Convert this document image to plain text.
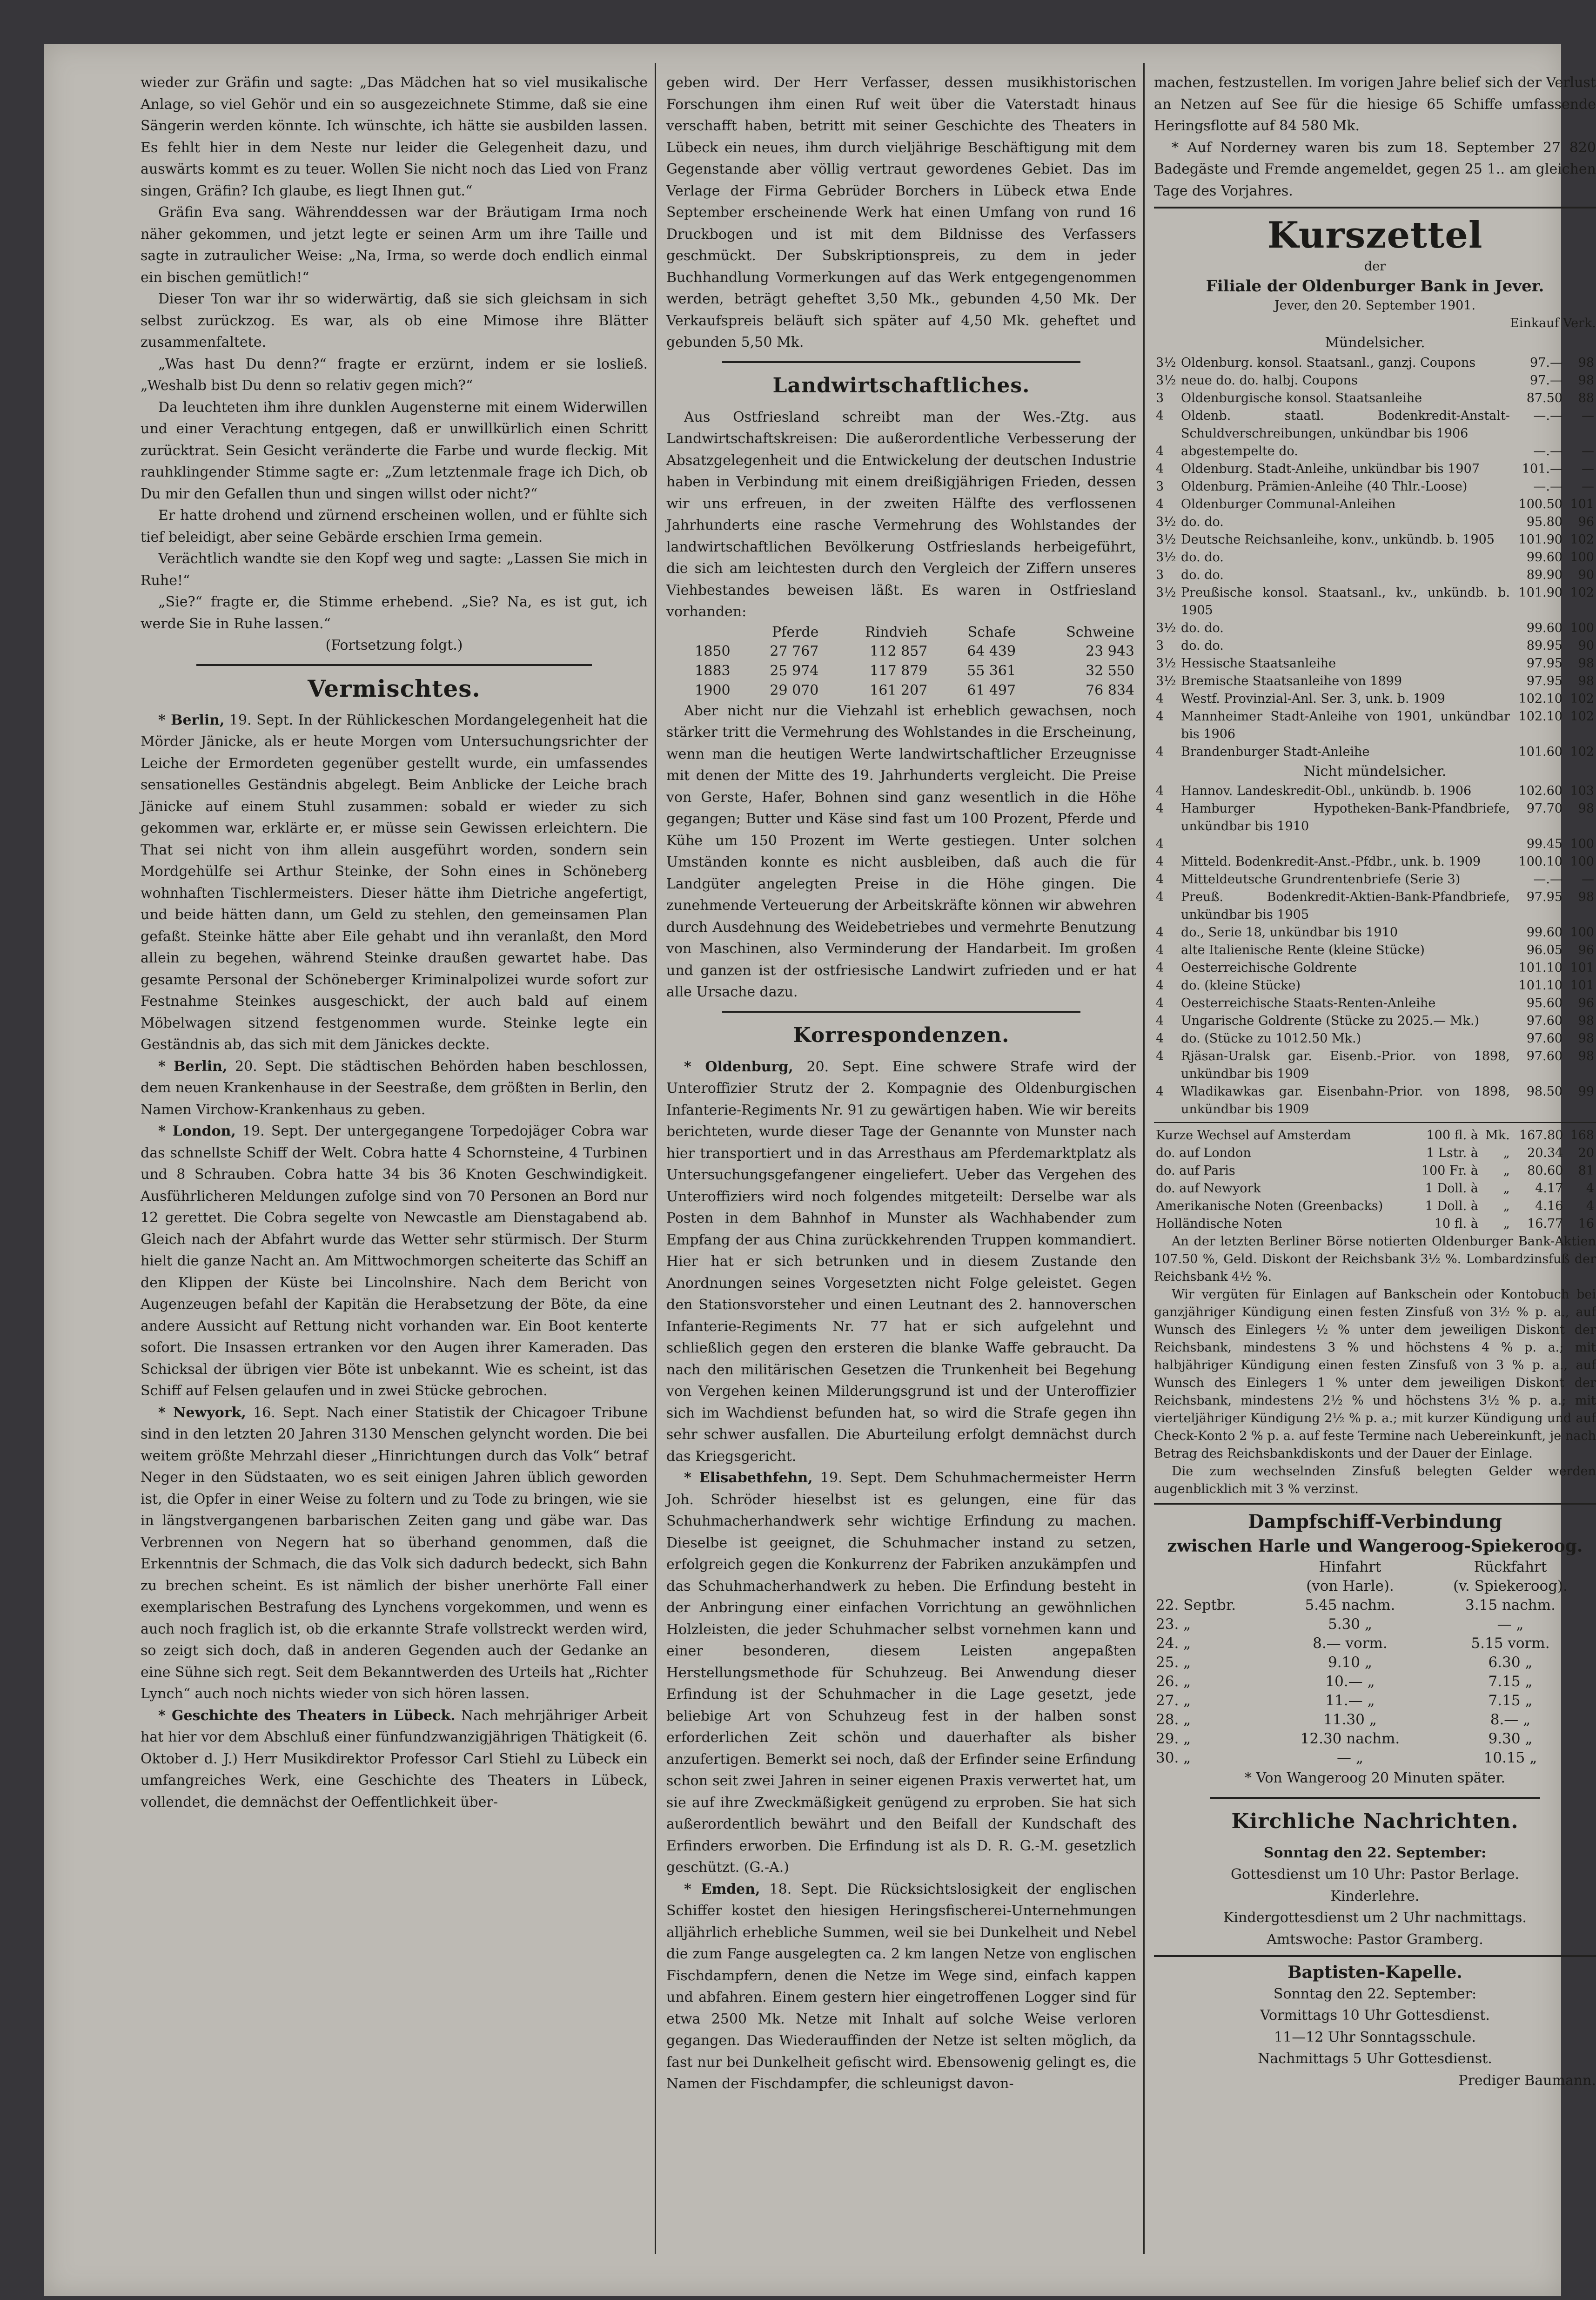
wieder zur Gräfin und sagte: „Das Mädchen hat so viel musikalische Anlage, so viel Gehör und ein so ausgezeichnete Stimme, daß sie eine Sängerin werden könnte. Ich wünschte, ich hätte sie ausbilden lassen. Es fehlt hier in dem Neste nur leider die Gelegenheit dazu, und auswärts kommt es zu teuer. Wollen Sie nicht noch das Lied von Franz singen, Gräfin? Ich glaube, es liegt Ihnen gut.“

Gräfin Eva sang. Währenddessen war der Bräutigam Irma noch näher gekommen, und jetzt legte er seinen Arm um ihre Taille und sagte in zutraulicher Weise: „Na, Irma, so werde doch endlich einmal ein bischen gemütlich!“

Dieser Ton war ihr so widerwärtig, daß sie sich gleichsam in sich selbst zurückzog. Es war, als ob eine Mimose ihre Blätter zusammenfaltete.

„Was hast Du denn?“ fragte er erzürnt, indem er sie losließ. „Weshalb bist Du denn so relativ gegen mich?“

Da leuchteten ihm ihre dunklen Augensterne mit einem Widerwillen und einer Verachtung entgegen, daß er unwillkürlich einen Schritt zurücktrat. Sein Gesicht veränderte die Farbe und wurde fleckig. Mit rauhklingender Stimme sagte er: „Zum letztenmale frage ich Dich, ob Du mir den Gefallen thun und singen willst oder nicht?“

Er hatte drohend und zürnend erscheinen wollen, und er fühlte sich tief beleidigt, aber seine Gebärde erschien Irma gemein.

Verächtlich wandte sie den Kopf weg und sagte: „Lassen Sie mich in Ruhe!“

„Sie?“ fragte er, die Stimme erhebend. „Sie? Na, es ist gut, ich werde Sie in Ruhe lassen.“

(Fortsetzung folgt.)

Vermischtes.

* Berlin, 19. Sept. In der Rühlickeschen Mordangelegenheit hat die Mörder Jänicke, als er heute Morgen vom Untersuchungsrichter der Leiche der Ermordeten gegenüber gestellt wurde, ein umfassendes sensationelles Geständnis abgelegt. Beim Anblicke der Leiche brach Jänicke auf einem Stuhl zusammen: sobald er wieder zu sich gekommen war, erklärte er, er müsse sein Gewissen erleichtern. Die That sei nicht von ihm allein ausgeführt worden, sondern sein Mordgehülfe sei Arthur Steinke, der Sohn eines in Schöneberg wohnhaften Tischlermeisters. Dieser hätte ihm Dietriche angefertigt, und beide hätten dann, um Geld zu stehlen, den gemeinsamen Plan gefaßt. Steinke hätte aber Eile gehabt und ihn veranlaßt, den Mord allein zu begehen, während Steinke draußen gewartet habe. Das gesamte Personal der Schöneberger Kriminalpolizei wurde sofort zur Festnahme Steinkes ausgeschickt, der auch bald auf einem Möbelwagen sitzend festgenommen wurde. Steinke legte ein Geständnis ab, das sich mit dem Jänickes deckte.

* Berlin, 20. Sept. Die städtischen Behörden haben beschlossen, dem neuen Krankenhause in der Seestraße, dem größten in Berlin, den Namen Virchow-Krankenhaus zu geben.

* London, 19. Sept. Der untergegangene Torpedojäger Cobra war das schnellste Schiff der Welt. Cobra hatte 4 Schornsteine, 4 Turbinen und 8 Schrauben. Cobra hatte 34 bis 36 Knoten Geschwindigkeit. Ausführlicheren Meldungen zufolge sind von 70 Personen an Bord nur 12 gerettet. Die Cobra segelte von Newcastle am Dienstagabend ab. Gleich nach der Abfahrt wurde das Wetter sehr stürmisch. Der Sturm hielt die ganze Nacht an. Am Mittwochmorgen scheiterte das Schiff an den Klippen der Küste bei Lincolnshire. Nach dem Bericht von Augenzeugen befahl der Kapitän die Herabsetzung der Böte, da eine andere Aussicht auf Rettung nicht vorhanden war. Ein Boot kenterte sofort. Die Insassen ertranken vor den Augen ihrer Kameraden. Das Schicksal der übrigen vier Böte ist unbekannt. Wie es scheint, ist das Schiff auf Felsen gelaufen und in zwei Stücke gebrochen.

* Newyork, 16. Sept. Nach einer Statistik der Chicagoer Tribune sind in den letzten 20 Jahren 3130 Menschen gelyncht worden. Die bei weitem größte Mehrzahl dieser „Hinrichtungen durch das Volk“ betraf Neger in den Südstaaten, wo es seit einigen Jahren üblich geworden ist, die Opfer in einer Weise zu foltern und zu Tode zu bringen, wie sie in längstvergangenen barbarischen Zeiten gang und gäbe war. Das Verbrennen von Negern hat so überhand genommen, daß die Erkenntnis der Schmach, die das Volk sich dadurch bedeckt, sich Bahn zu brechen scheint. Es ist nämlich der bisher unerhörte Fall einer exemplarischen Bestrafung des Lynchens vorgekommen, und wenn es auch noch fraglich ist, ob die erkannte Strafe vollstreckt werden wird, so zeigt sich doch, daß in anderen Gegenden auch der Gedanke an eine Sühne sich regt. Seit dem Bekanntwerden des Urteils hat „Richter Lynch“ auch noch nichts wieder von sich hören lassen.

* Geschichte des Theaters in Lübeck. Nach mehrjähriger Arbeit hat hier vor dem Abschluß einer fünfundzwanzigjährigen Thätigkeit (6. Oktober d. J.) Herr Musikdirektor Professor Carl Stiehl zu Lübeck ein umfangreiches Werk, eine Geschichte des Theaters in Lübeck, vollendet, die demnächst der Oeffentlichkeit über-

geben wird. Der Herr Verfasser, dessen musikhistorischen Forschungen ihm einen Ruf weit über die Vaterstadt hinaus verschafft haben, betritt mit seiner Geschichte des Theaters in Lübeck ein neues, ihm durch vieljährige Beschäftigung mit dem Gegenstande aber völlig vertraut gewordenes Gebiet. Das im Verlage der Firma Gebrüder Borchers in Lübeck etwa Ende September erscheinende Werk hat einen Umfang von rund 16 Druckbogen und ist mit dem Bildnisse des Verfassers geschmückt. Der Subskriptionspreis, zu dem in jeder Buchhandlung Vormerkungen auf das Werk entgegengenommen werden, beträgt geheftet 3,50 Mk., gebunden 4,50 Mk. Der Verkaufspreis beläuft sich später auf 4,50 Mk. geheftet und gebunden 5,50 Mk.

Landwirtschaftliches.

Aus Ostfriesland schreibt man der Wes.-Ztg. aus Landwirtschaftskreisen: Die außerordentliche Verbesserung der Absatzgelegenheit und die Entwickelung der deutschen Industrie haben in Verbindung mit einem dreißigjährigen Frieden, dessen wir uns erfreuen, in der zweiten Hälfte des verflossenen Jahrhunderts eine rasche Vermehrung des Wohlstandes der landwirtschaftlichen Bevölkerung Ostfrieslands herbeigeführt, die sich am leichtesten durch den Vergleich der Ziffern unseres Viehbestandes beweisen läßt. Es waren in Ostfriesland vorhanden:

	Pferde	Rindvieh	Schafe	Schweine
1850	27 767	112 857	64 439	23 943
1883	25 974	117 879	55 361	32 550
1900	29 070	161 207	61 497	76 834

Aber nicht nur die Viehzahl ist erheblich gewachsen, noch stärker tritt die Vermehrung des Wohlstandes in die Erscheinung, wenn man die heutigen Werte landwirtschaftlicher Erzeugnisse mit denen der Mitte des 19. Jahrhunderts vergleicht. Die Preise von Gerste, Hafer, Bohnen sind ganz wesentlich in die Höhe gegangen; Butter und Käse sind fast um 100 Prozent, Pferde und Kühe um 150 Prozent im Werte gestiegen. Unter solchen Umständen konnte es nicht ausbleiben, daß auch die für Landgüter angelegten Preise in die Höhe gingen. Die zunehmende Verteuerung der Arbeitskräfte können wir abwehren durch Ausdehnung des Weidebetriebes und vermehrte Benutzung von Maschinen, also Verminderung der Handarbeit. Im großen und ganzen ist der ostfriesische Landwirt zufrieden und er hat alle Ursache dazu.

Korrespondenzen.

* Oldenburg, 20. Sept. Eine schwere Strafe wird der Unteroffizier Strutz der 2. Kompagnie des Oldenburgischen Infanterie-Regiments Nr. 91 zu gewärtigen haben. Wie wir bereits berichteten, wurde dieser Tage der Genannte von Munster nach hier transportiert und in das Arresthaus am Pferdemarktplatz als Untersuchungsgefangener eingeliefert. Ueber das Vergehen des Unteroffiziers wird noch folgendes mitgeteilt: Derselbe war als Posten in dem Bahnhof in Munster als Wachhabender zum Empfang der aus China zurückkehrenden Truppen kommandiert. Hier hat er sich betrunken und in diesem Zustande den Anordnungen seines Vorgesetzten nicht Folge geleistet. Gegen den Stationsvorsteher und einen Leutnant des 2. hannoverschen Infanterie-Regiments Nr. 77 hat er sich aufgelehnt und schließlich gegen den ersteren die blanke Waffe gebraucht. Da nach den militärischen Gesetzen die Trunkenheit bei Begehung von Vergehen keinen Milderungsgrund ist und der Unteroffizier sich im Wachdienst befunden hat, so wird die Strafe gegen ihn sehr schwer ausfallen. Die Aburteilung erfolgt demnächst durch das Kriegsgericht.

* Elisabethfehn, 19. Sept. Dem Schuhmachermeister Herrn Joh. Schröder hieselbst ist es gelungen, eine für das Schuhmacherhandwerk sehr wichtige Erfindung zu machen. Dieselbe ist geeignet, die Schuhmacher instand zu setzen, erfolgreich gegen die Konkurrenz der Fabriken anzukämpfen und das Schuhmacherhandwerk zu heben. Die Erfindung besteht in der Anbringung einer einfachen Vorrichtung an gewöhnlichen Holzleisten, die jeder Schuhmacher selbst vornehmen kann und einer besonderen, diesem Leisten angepaßten Herstellungsmethode für Schuhzeug. Bei Anwendung dieser Erfindung ist der Schuhmacher in die Lage gesetzt, jede beliebige Art von Schuhzeug fest in der halben sonst erforderlichen Zeit schön und dauerhafter als bisher anzufertigen. Bemerkt sei noch, daß der Erfinder seine Erfindung schon seit zwei Jahren in seiner eigenen Praxis verwertet hat, um sie auf ihre Zweckmäßigkeit genügend zu erproben. Sie hat sich außerordentlich bewährt und den Beifall der Kundschaft des Erfinders erworben. Die Erfindung ist als D. R. G.-M. gesetzlich geschützt. (G.-A.)

* Emden, 18. Sept. Die Rücksichtslosigkeit der englischen Schiffer kostet den hiesigen Heringsfischerei-Unternehmungen alljährlich erhebliche Summen, weil sie bei Dunkelheit und Nebel die zum Fange ausgelegten ca. 2 km langen Netze von englischen Fischdampfern, denen die Netze im Wege sind, einfach kappen und abfahren. Einem gestern hier eingetroffenen Logger sind für etwa 2500 Mk. Netze mit Inhalt auf solche Weise verloren gegangen. Das Wiederauffinden der Netze ist selten möglich, da fast nur bei Dunkelheit gefischt wird. Ebensowenig gelingt es, die Namen der Fischdampfer, die schleunigst davon-

machen, festzustellen. Im vorigen Jahre belief sich der Verlust an Netzen auf See für die hiesige 65 Schiffe umfassende Heringsflotte auf 84 580 Mk.

* Auf Norderney waren bis zum 18. September 27 820 Badegäste und Fremde angemeldet, gegen 25 1.. am gleichen Tage des Vorjahres.

Kurszettel

der

Filiale der Oldenburger Bank in Jever.

Jever, den 20. September 1901.

Einkauf Verk.

Mündelsicher.

3½	Oldenburg. konsol. Staatsanl., ganzj. Coupons	97.—	98
3½	neue do. do. halbj. Coupons	97.—	98
3	Oldenburgische konsol. Staatsanleihe	87.50	88
4	Oldenb. staatl. Bodenkredit-Anstalt-Schuldverschreibungen, unkündbar bis 1906	—.—	—
4	abgestempelte do.	—.—	—
4	Oldenburg. Stadt-Anleihe, unkündbar bis 1907	101.—	—
3	Oldenburg. Prämien-Anleihe (40 Thlr.-Loose)	—.—	—
4	Oldenburger Communal-Anleihen	100.50	101
3½	do. do.	95.80	96
3½	Deutsche Reichsanleihe, konv., unkündb. b. 1905	101.90	102
3½	do. do.	99.60	100
3	do. do.	89.90	90
3½	Preußische konsol. Staatsanl., kv., unkündb. b. 1905	101.90	102
3½	do. do.	99.60	100
3	do. do.	89.95	90
3½	Hessische Staatsanleihe	97.95	98
3½	Bremische Staatsanleihe von 1899	97.95	98
4	Westf. Provinzial-Anl. Ser. 3, unk. b. 1909	102.10	102
4	Mannheimer Stadt-Anleihe von 1901, unkündbar bis 1906	102.10	102
4	Brandenburger Stadt-Anleihe	101.60	102

Nicht mündelsicher.

4	Hannov. Landeskredit-Obl., unkündb. b. 1906	102.60	103
4	Hamburger Hypotheken-Bank-Pfandbriefe, unkündbar bis 1910	97.70	98
4		99.45	100
4	Mitteld. Bodenkredit-Anst.-Pfdbr., unk. b. 1909	100.10	100
4	Mitteldeutsche Grundrentenbriefe (Serie 3)	—.—	—
4	Preuß. Bodenkredit-Aktien-Bank-Pfandbriefe, unkündbar bis 1905	97.95	98
4	do., Serie 18, unkündbar bis 1910	99.60	100
4	alte Italienische Rente (kleine Stücke)	96.05	96
4	Oesterreichische Goldrente	101.10	101
4	do. (kleine Stücke)	101.10	101
4	Oesterreichische Staats-Renten-Anleihe	95.60	96
4	Ungarische Goldrente (Stücke zu 2025.— Mk.)	97.60	98
4	do. (Stücke zu 1012.50 Mk.)	97.60	98
4	Rjäsan-Uralsk gar. Eisenb.-Prior. von 1898, unkündbar bis 1909	97.60	98
4	Wladikawkas gar. Eisenbahn-Prior. von 1898, unkündbar bis 1909	98.50	99
Kurze Wechsel auf Amsterdam	100 fl. à	Mk.	167.80	168
do. auf London	1 Lstr. à	„	20.34	20
do. auf Paris	100 Fr. à	„	80.60	81
do. auf Newyork	1 Doll. à	„	4.17	4
Amerikanische Noten (Greenbacks)	1 Doll. à	„	4.16	4
Holländische Noten	10 fl. à	„	16.77	16

An der letzten Berliner Börse notierten Oldenburger Bank-Aktien 107.50 %, Geld. Diskont der Reichsbank 3½ %. Lombardzinsfuß der Reichsbank 4½ %.

Wir vergüten für Einlagen auf Bankschein oder Kontobuch bei ganzjähriger Kündigung einen festen Zinsfuß von 3½ % p. a., auf Wunsch des Einlegers ½ % unter dem jeweiligen Diskont der Reichsbank, mindestens 3 % und höchstens 4 % p. a.; mit halbjähriger Kündigung einen festen Zinsfuß von 3 % p. a., auf Wunsch des Einlegers 1 % unter dem jeweiligen Diskont der Reichsbank, mindestens 2½ % und höchstens 3½ % p. a.; mit vierteljähriger Kündigung 2½ % p. a.; mit kurzer Kündigung und auf Check-Konto 2 % p. a. auf feste Termine nach Uebereinkunft, je nach Betrag des Reichsbankdiskonts und der Dauer der Einlage.

Die zum wechselnden Zinsfuß belegten Gelder werden augenblicklich mit 3 % verzinst.

Dampfschiff-Verbindung

zwischen Harle und Wangeroog-Spiekeroog.

	Hinfahrt
(von Harle).	Rückfahrt
(v. Spiekeroog).
22. Septbr.	5.45 nachm.	3.15 nachm.
23. „	5.30 „	— „
24. „	8.— vorm.	5.15 vorm.
25. „	9.10 „	6.30 „
26. „	10.— „	7.15 „
27. „	11.— „	7.15 „
28. „	11.30 „	8.— „
29. „	12.30 nachm.	9.30 „
30. „	— „	10.15 „

* Von Wangeroog 20 Minuten später.

Kirchliche Nachrichten.

Sonntag den 22. September:

Gottesdienst um 10 Uhr: Pastor Berlage.

Kinderlehre.

Kindergottesdienst um 2 Uhr nachmittags.

Amtswoche: Pastor Gramberg.

Baptisten-Kapelle.

Sonntag den 22. September:

Vormittags 10 Uhr Gottesdienst.

11—12 Uhr Sonntagsschule.

Nachmittags 5 Uhr Gottesdienst.

Prediger Baumann.
